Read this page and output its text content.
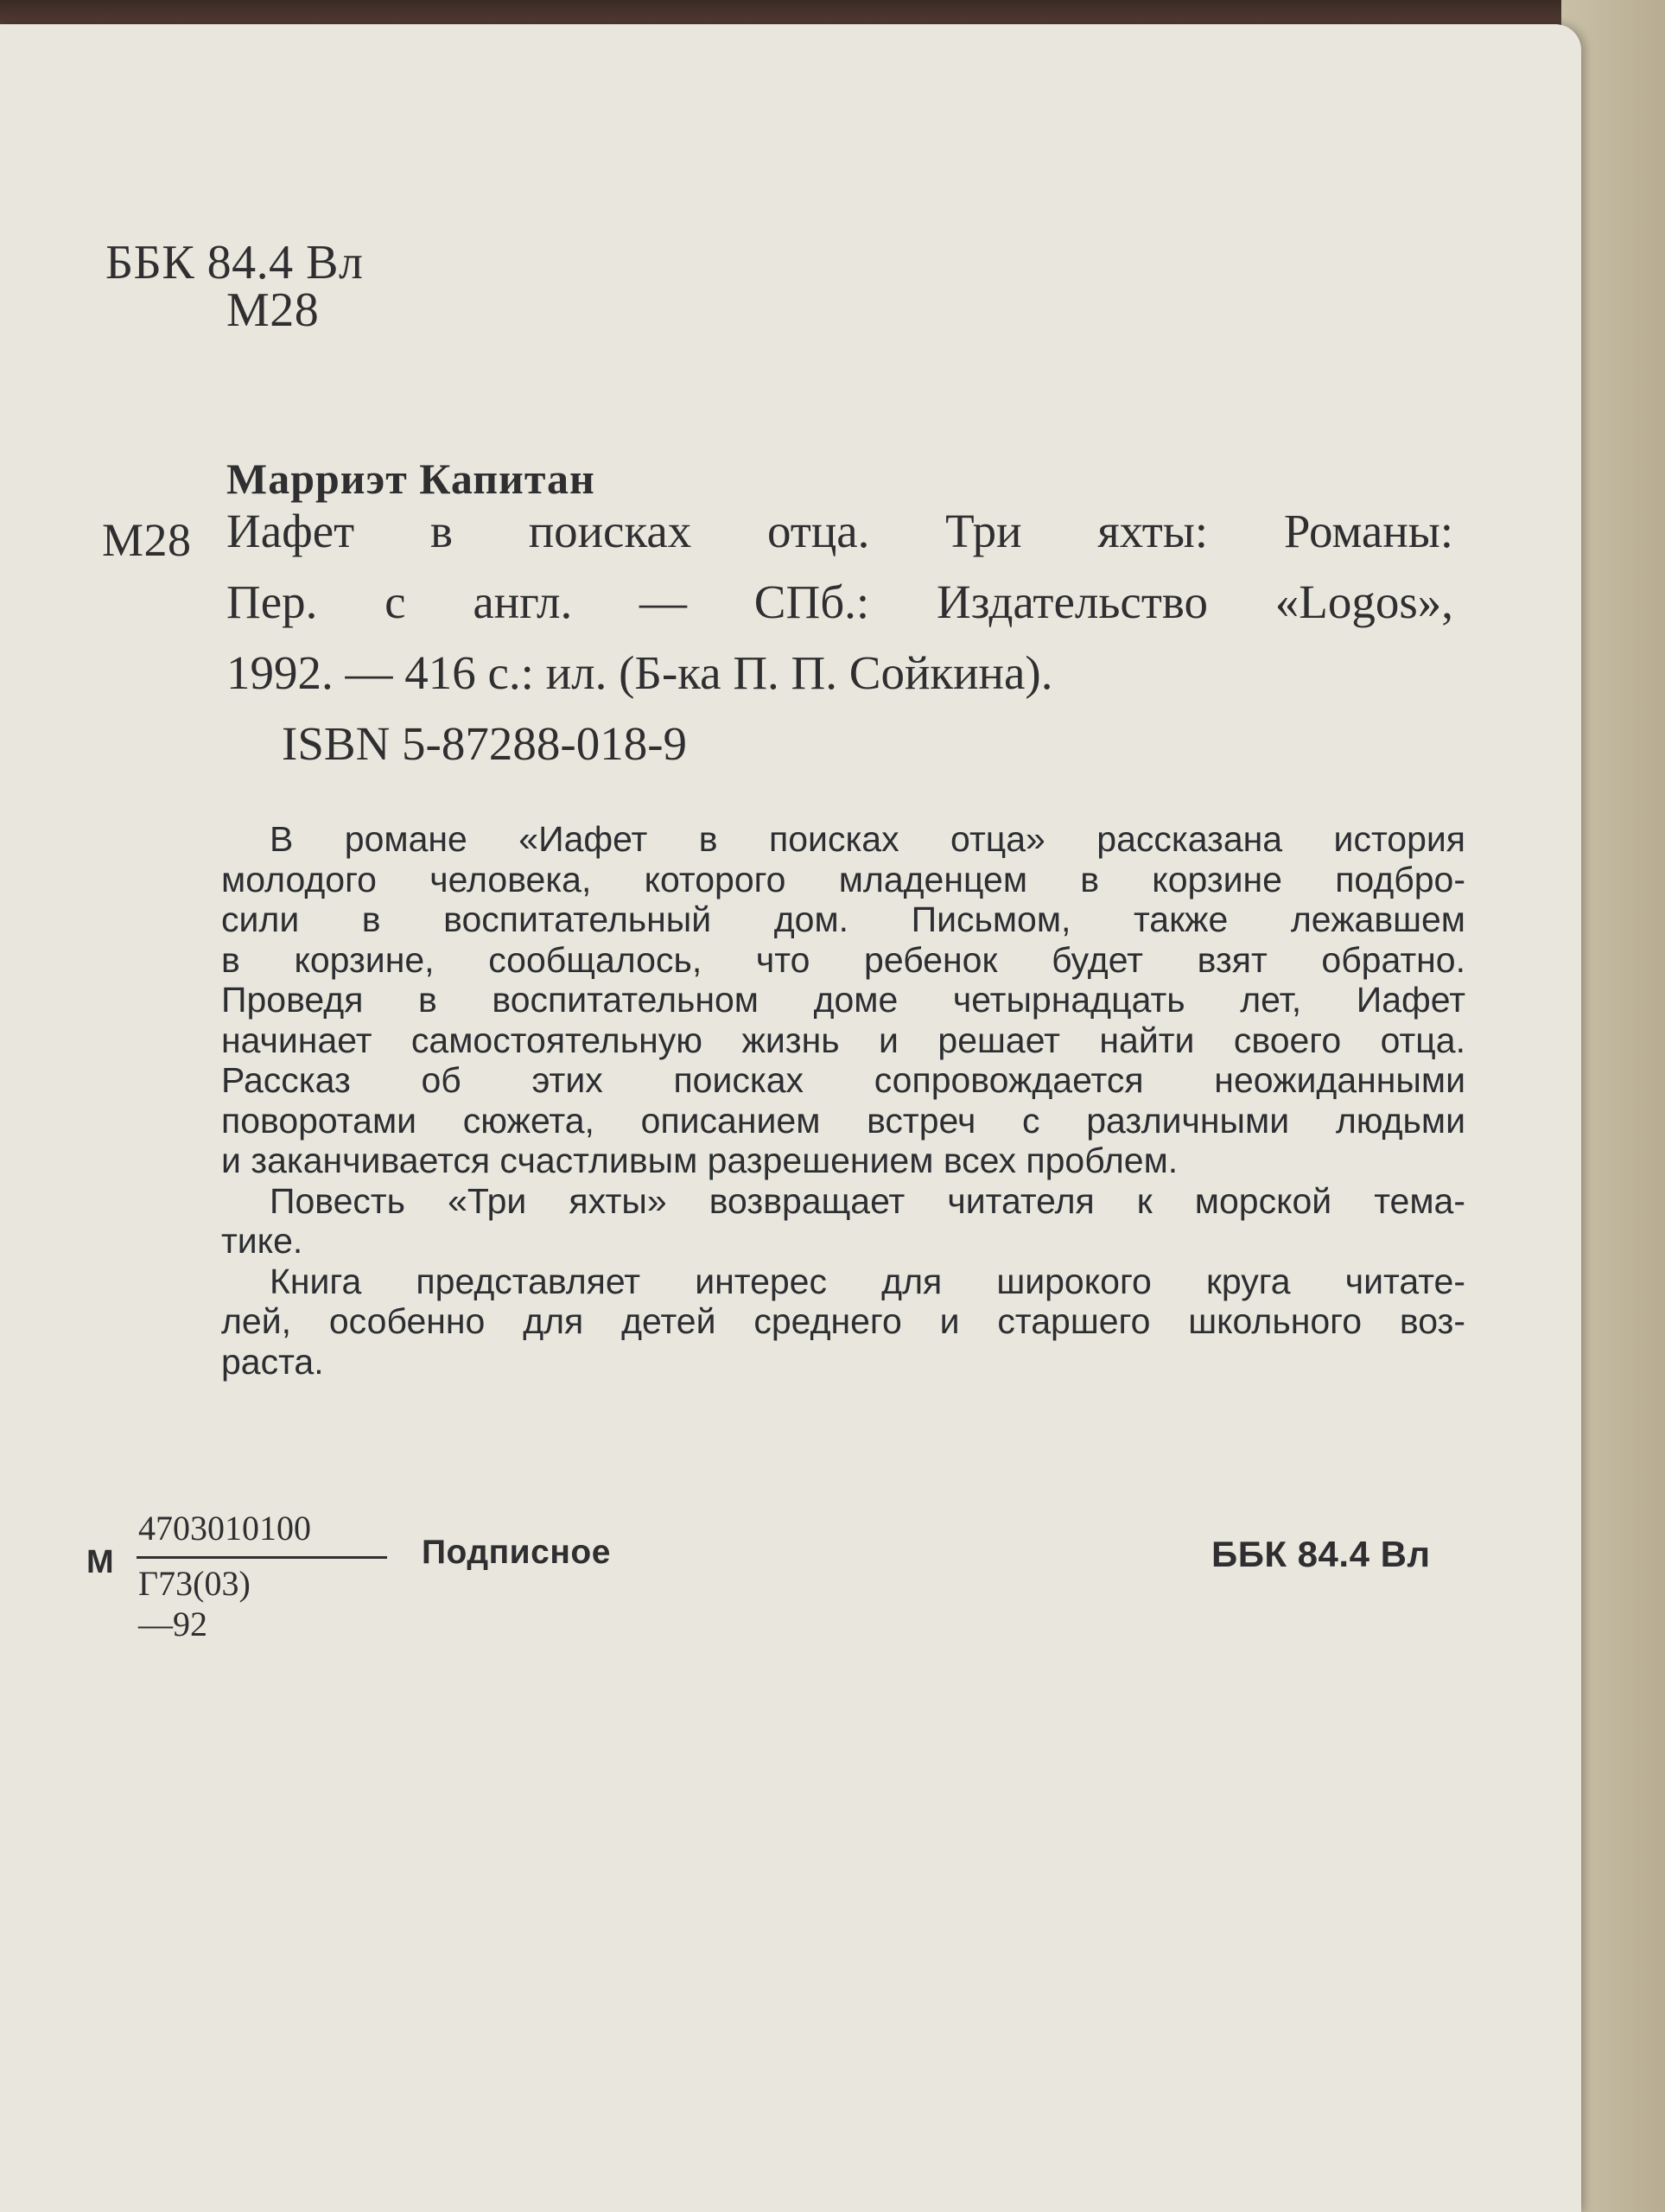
ББК 84.4 Вл
М28
Марриэт Капитан
М28 Иафет в поисках отца. Три яхты: Романы:
Пер. с англ. — СПб.: Издательство «Logos»,
1992. — 416 с.: ил. (Б-ка П. П. Сойкина).
ISBN 5-87288-018-9
В романе «Иафет в поисках отца» рассказана история
молодого человека, которого младенцем в корзине подбро-
сили в воспитательный дом. Письмом, также лежавшем
в корзине, сообщалось, что ребенок будет взят обратно.
Проведя в воспитательном доме четырнадцать лет, Иафет
начинает самостоятельную жизнь и решает найти своего отца.
Рассказ об этих поисках сопровождается неожиданными
поворотами сюжета, описанием встреч с различными людьми
и заканчивается счастливым разрешением всех проблем.
Повесть «Три яхты» возвращает читателя к морской тема-
тике.
Книга представляет интерес для широкого круга читате-
лей, особенно для детей среднего и старшего школьного воз-
раста.
М
4703010100
Г73(03)—92
Подписное	ББК 84.4 Вл
